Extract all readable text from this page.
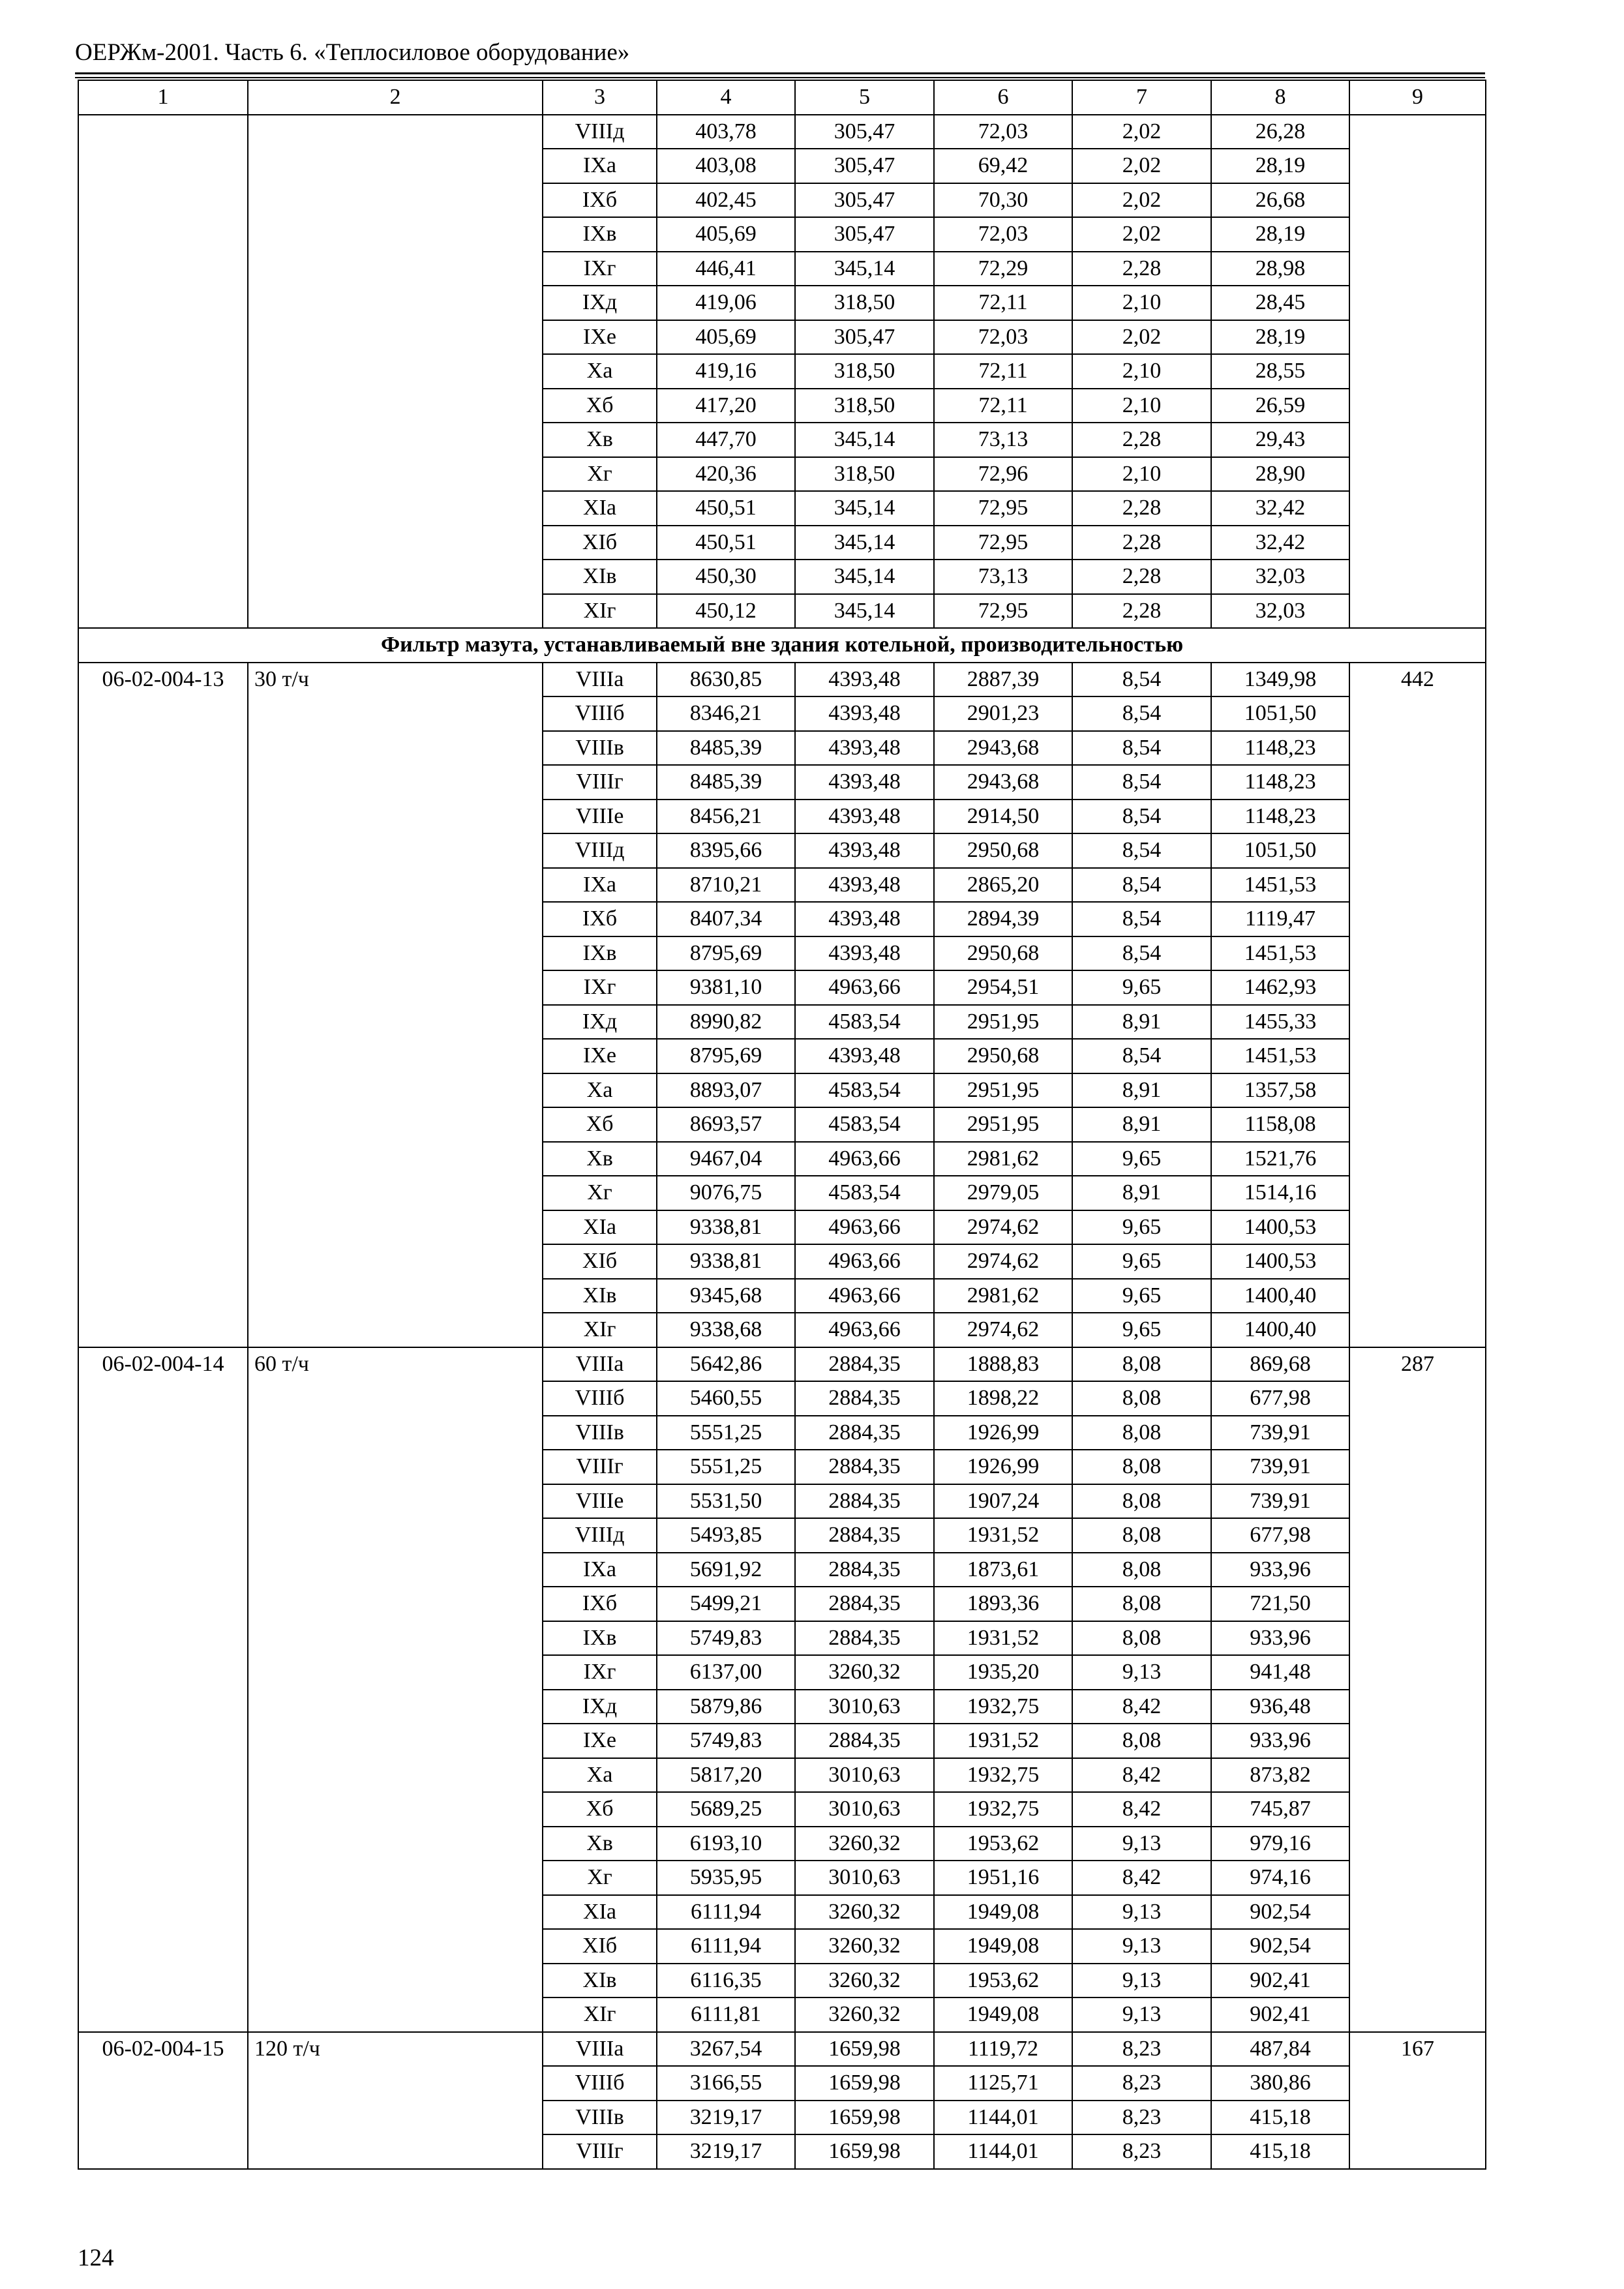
ОЕРЖм-2001. Часть 6. «Теплосиловое оборудование»
1	2	3	4	5	6	7	8	9
		VIIIд	403,78	305,47	72,03	2,02	26,28	
		IXa	403,08	305,47	69,42	2,02	28,19	
		IXб	402,45	305,47	70,30	2,02	26,68	
		IXв	405,69	305,47	72,03	2,02	28,19	
		IXг	446,41	345,14	72,29	2,28	28,98	
		IXд	419,06	318,50	72,11	2,10	28,45	
		IXe	405,69	305,47	72,03	2,02	28,19	
		Xa	419,16	318,50	72,11	2,10	28,55	
		Xб	417,20	318,50	72,11	2,10	26,59	
		Xв	447,70	345,14	73,13	2,28	29,43	
		Xг	420,36	318,50	72,96	2,10	28,90	
		XIa	450,51	345,14	72,95	2,28	32,42	
		XIб	450,51	345,14	72,95	2,28	32,42	
		XIв	450,30	345,14	73,13	2,28	32,03	
		XIг	450,12	345,14	72,95	2,28	32,03	
Фильтр мазута, устанавливаемый вне здания котельной, производительностью								
06-02-004-13	30 т/ч	VIIIa	8630,85	4393,48	2887,39	8,54	1349,98	442
		VIIIб	8346,21	4393,48	2901,23	8,54	1051,50	
		VIIIв	8485,39	4393,48	2943,68	8,54	1148,23	
		VIIIг	8485,39	4393,48	2943,68	8,54	1148,23	
		VIIIe	8456,21	4393,48	2914,50	8,54	1148,23	
		VIIIд	8395,66	4393,48	2950,68	8,54	1051,50	
		IXa	8710,21	4393,48	2865,20	8,54	1451,53	
		IXб	8407,34	4393,48	2894,39	8,54	1119,47	
		IXв	8795,69	4393,48	2950,68	8,54	1451,53	
		IXг	9381,10	4963,66	2954,51	9,65	1462,93	
		IXд	8990,82	4583,54	2951,95	8,91	1455,33	
		IXe	8795,69	4393,48	2950,68	8,54	1451,53	
		Xa	8893,07	4583,54	2951,95	8,91	1357,58	
		Xб	8693,57	4583,54	2951,95	8,91	1158,08	
		Xв	9467,04	4963,66	2981,62	9,65	1521,76	
		Xг	9076,75	4583,54	2979,05	8,91	1514,16	
		XIa	9338,81	4963,66	2974,62	9,65	1400,53	
		XIб	9338,81	4963,66	2974,62	9,65	1400,53	
		XIв	9345,68	4963,66	2981,62	9,65	1400,40	
		XIг	9338,68	4963,66	2974,62	9,65	1400,40	
06-02-004-14	60 т/ч	VIIIa	5642,86	2884,35	1888,83	8,08	869,68	287
		VIIIб	5460,55	2884,35	1898,22	8,08	677,98	
		VIIIв	5551,25	2884,35	1926,99	8,08	739,91	
		VIIIг	5551,25	2884,35	1926,99	8,08	739,91	
		VIIIe	5531,50	2884,35	1907,24	8,08	739,91	
		VIIIд	5493,85	2884,35	1931,52	8,08	677,98	
		IXa	5691,92	2884,35	1873,61	8,08	933,96	
		IXб	5499,21	2884,35	1893,36	8,08	721,50	
		IXв	5749,83	2884,35	1931,52	8,08	933,96	
		IXг	6137,00	3260,32	1935,20	9,13	941,48	
		IXд	5879,86	3010,63	1932,75	8,42	936,48	
		IXe	5749,83	2884,35	1931,52	8,08	933,96	
		Xa	5817,20	3010,63	1932,75	8,42	873,82	
		Xб	5689,25	3010,63	1932,75	8,42	745,87	
		Xв	6193,10	3260,32	1953,62	9,13	979,16	
		Xг	5935,95	3010,63	1951,16	8,42	974,16	
		XIa	6111,94	3260,32	1949,08	9,13	902,54	
		XIб	6111,94	3260,32	1949,08	9,13	902,54	
		XIв	6116,35	3260,32	1953,62	9,13	902,41	
		XIг	6111,81	3260,32	1949,08	9,13	902,41	
06-02-004-15	120 т/ч	VIIIa	3267,54	1659,98	1119,72	8,23	487,84	167
		VIIIб	3166,55	1659,98	1125,71	8,23	380,86	
		VIIIв	3219,17	1659,98	1144,01	8,23	415,18	
		VIIIг	3219,17	1659,98	1144,01	8,23	415,18	
124
